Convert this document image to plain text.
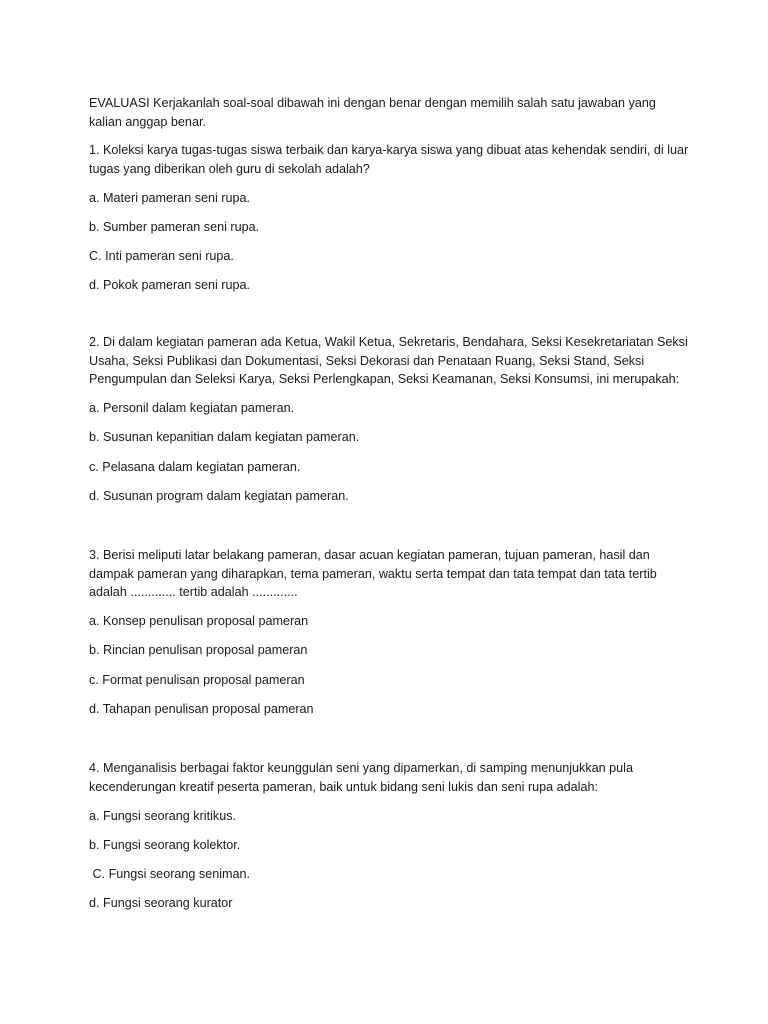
EVALUASI Kerjakanlah soal-soal dibawah ini dengan benar dengan memilih salah satu jawaban yang kalian anggap benar.

1. Koleksi karya tugas-tugas siswa terbaik dan karya-karya siswa yang dibuat atas kehendak sendiri, di luar tugas yang diberikan oleh guru di sekolah adalah?

a. Materi pameran seni rupa.

b. Sumber pameran seni rupa.

C. Inti pameran seni rupa.

d. Pokok pameran seni rupa.

2. Di dalam kegiatan pameran ada Ketua, Wakil Ketua, Sekretaris, Bendahara, Seksi Kesekretariatan Seksi Usaha, Seksi Publikasi dan Dokumentasi, Seksi Dekorasi dan Penataan Ruang, Seksi Stand, Seksi Pengumpulan dan Seleksi Karya, Seksi Perlengkapan, Seksi Keamanan, Seksi Konsumsi, ini merupakah:

a. Personil dalam kegiatan pameran.

b. Susunan kepanitian dalam kegiatan pameran.

c. Pelasana dalam kegiatan pameran.

d. Susunan program dalam kegiatan pameran.

3. Berisi meliputi latar belakang pameran, dasar acuan kegiatan pameran, tujuan pameran, hasil dan dampak pameran yang diharapkan, tema pameran, waktu serta tempat dan tata tempat dan tata tertib adalah ............. tertib adalah .............

a. Konsep penulisan proposal pameran

b. Rincian penulisan proposal pameran

c. Format penulisan proposal pameran

d. Tahapan penulisan proposal pameran

4. Menganalisis berbagai faktor keunggulan seni yang dipamerkan, di samping menunjukkan pula kecenderungan kreatif peserta pameran, baik untuk bidang seni lukis dan seni rupa adalah:

a. Fungsi seorang kritikus.

b. Fungsi seorang kolektor.

C. Fungsi seorang seniman.

d. Fungsi seorang kurator
